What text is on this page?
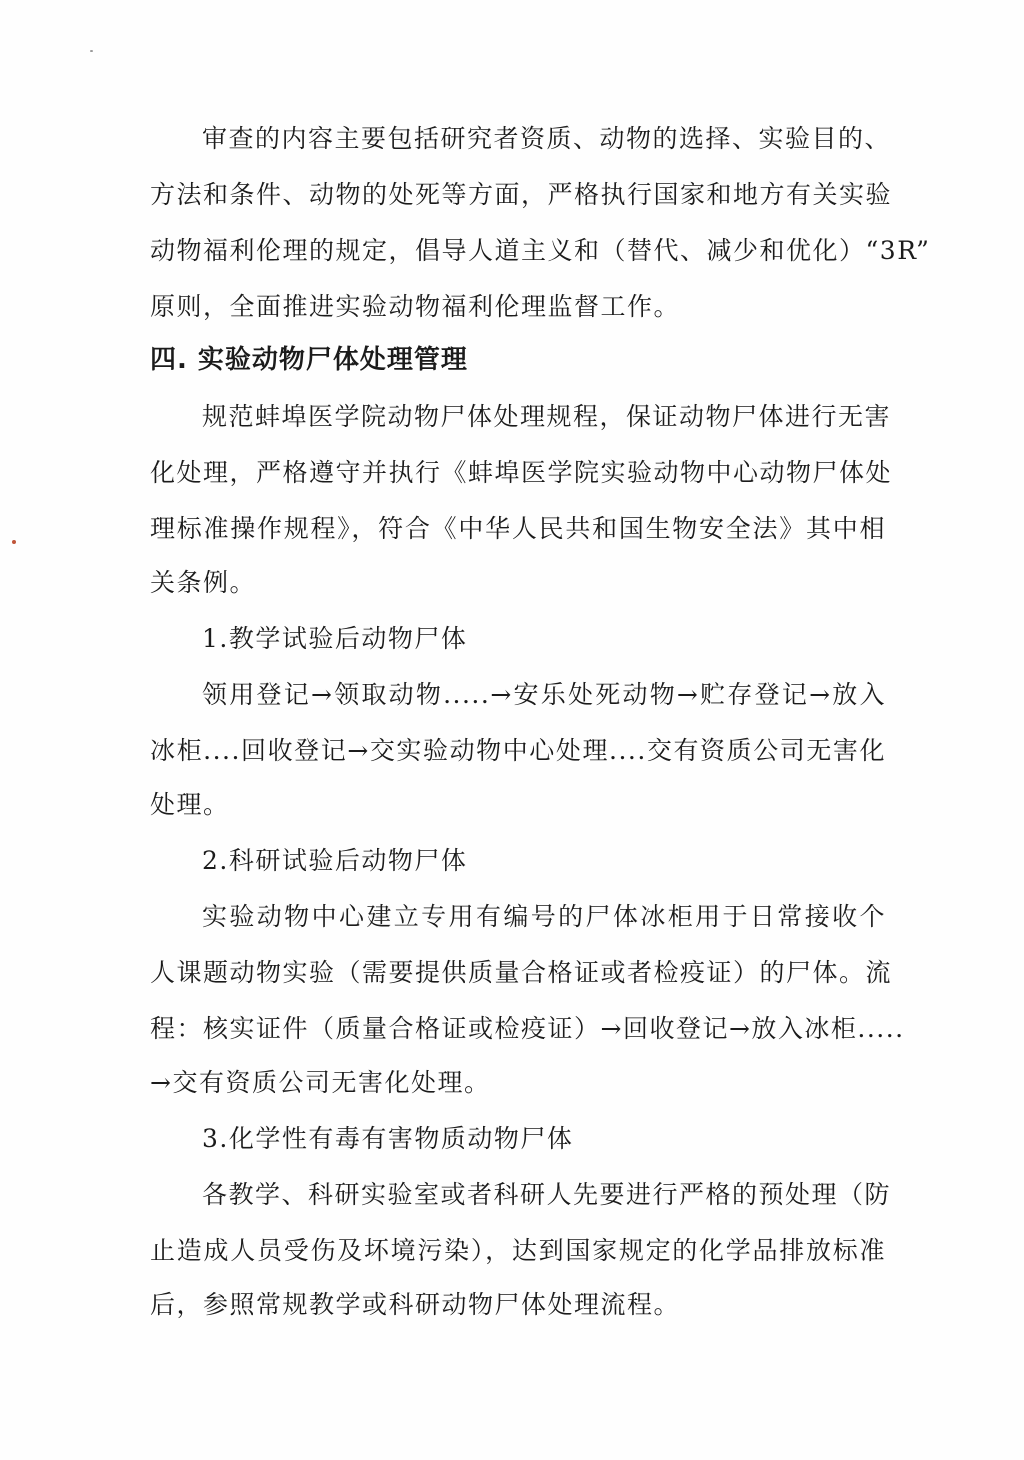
审查的内容主要包括研究者资质、动物的选择、实验目的、
方法和条件、动物的处死等方面，严格执行国家和地方有关实验
动物福利伦理的规定，倡导人道主义和（替代、减少和优化）“3R”
原则，全面推进实验动物福利伦理监督工作。
四. 实验动物尸体处理管理
规范蚌埠医学院动物尸体处理规程，保证动物尸体进行无害
化处理，严格遵守并执行《蚌埠医学院实验动物中心动物尸体处
理标准操作规程》，符合《中华人民共和国生物安全法》其中相
关条例。
1.教学试验后动物尸体
领用登记→领取动物.....→安乐处死动物→贮存登记→放入
冰柜....回收登记→交实验动物中心处理....交有资质公司无害化
处理。
2.科研试验后动物尸体
实验动物中心建立专用有编号的尸体冰柜用于日常接收个
人课题动物实验（需要提供质量合格证或者检疫证）的尸体。流
程：核实证件（质量合格证或检疫证）→回收登记→放入冰柜.....
→交有资质公司无害化处理。
3.化学性有毒有害物质动物尸体
各教学、科研实验室或者科研人先要进行严格的预处理（防
止造成人员受伤及坏境污染），达到国家规定的化学品排放标准
后，参照常规教学或科研动物尸体处理流程。
